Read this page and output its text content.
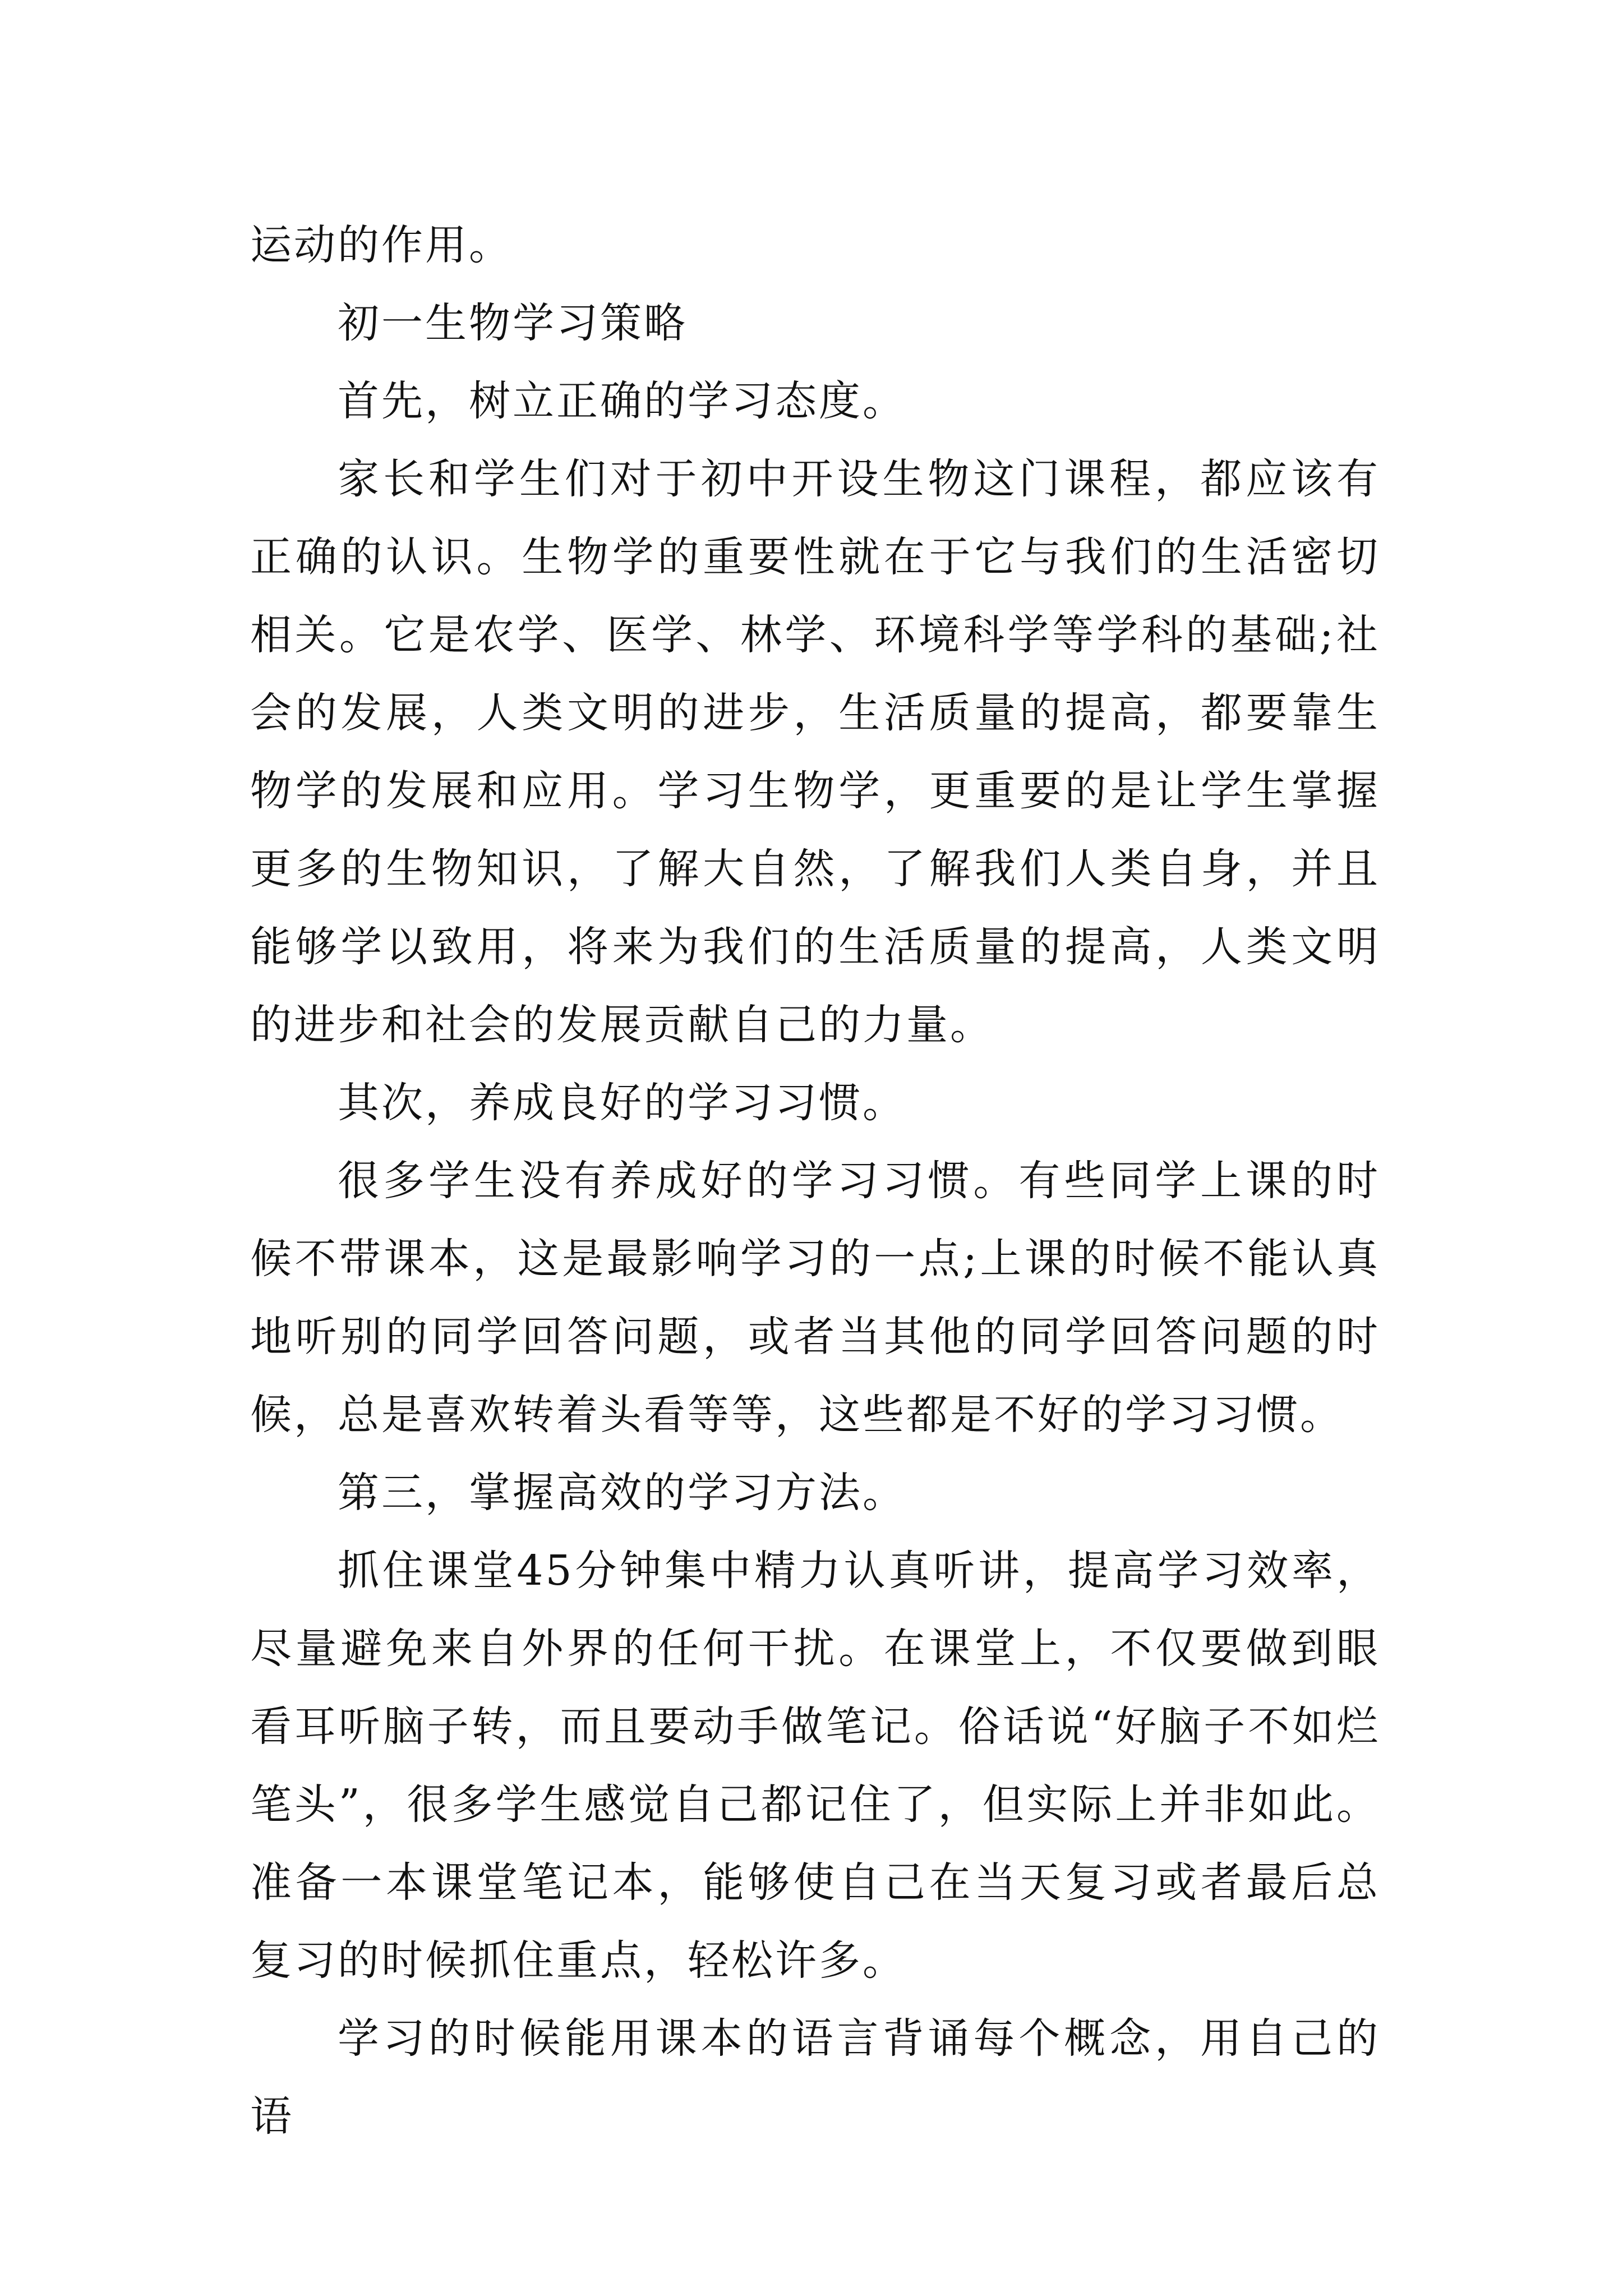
运动的作用。

初一生物学习策略

首先，树立正确的学习态度。

家长和学生们对于初中开设生物这门课程，都应该有正确的认识。生物学的重要性就在于它与我们的生活密切相关。它是农学、医学、林学、环境科学等学科的基础;社会的发展，人类文明的进步，生活质量的提高，都要靠生物学的发展和应用。学习生物学，更重要的是让学生掌握更多的生物知识，了解大自然，了解我们人类自身，并且能够学以致用，将来为我们的生活质量的提高，人类文明的进步和社会的发展贡献自己的力量。

其次，养成良好的学习习惯。

很多学生没有养成好的学习习惯。有些同学上课的时候不带课本，这是最影响学习的一点;上课的时候不能认真地听别的同学回答问题，或者当其他的同学回答问题的时候，总是喜欢转着头看等等，这些都是不好的学习习惯。

第三，掌握高效的学习方法。

抓住课堂45分钟集中精力认真听讲，提高学习效率，尽量避免来自外界的任何干扰。在课堂上，不仅要做到眼看耳听脑子转，而且要动手做笔记。俗话说“好脑子不如烂笔头”，很多学生感觉自己都记住了，但实际上并非如此。准备一本课堂笔记本，能够使自己在当天复习或者最后总复习的时候抓住重点，轻松许多。

学习的时候能用课本的语言背诵每个概念，用自己的语
